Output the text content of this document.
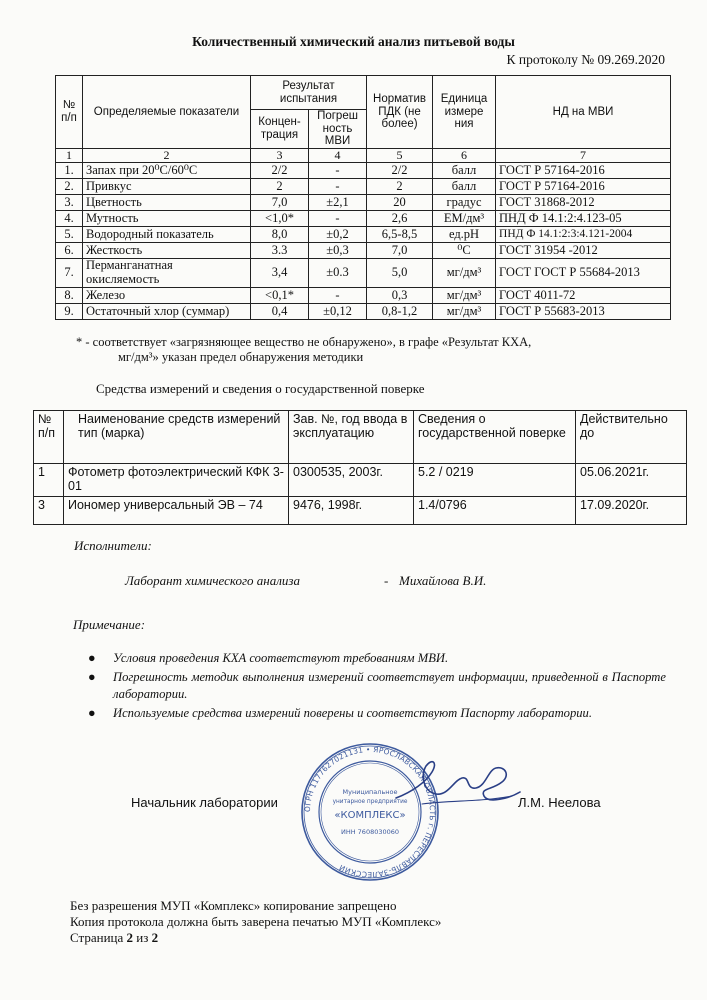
Количественный химический анализ питьевой воды
К протоколу № 09.269.2020
№ п/п	Определяемые показатели	Результат испытания		Норматив ПДК (не более)	Единица измере ния	НД на МВИ
		Концен-трация	Погреш ность МВИ			
1	2	3	4	5	6	7
1.	Запах при 20⁰С/60⁰С	2/2	-	2/2	балл	ГОСТ Р 57164-2016
2.	Привкус	2	-	2	балл	ГОСТ Р 57164-2016
3.	Цветность	7,0	±2,1	20	градус	ГОСТ 31868-2012
4.	Мутность	<1,0*	-	2,6	ЕМ/дм³	ПНД Ф 14.1:2:4.123-05
5.	Водородный показатель	8,0	±0,2	6,5-8,5	ед.pH	ПНД Ф 14.1:2:3:4.121-2004
6.	Жесткость	3.3	±0,3	7,0	⁰С	ГОСТ 31954 -2012
7.	Перманганатная окисляемость	3,4	±0.3	5,0	мг/дм³	ГОСТ ГОСТ Р 55684-2013
8.	Железо	<0,1*	-	0,3	мг/дм³	ГОСТ 4011-72
9.	Остаточный хлор (суммар)	0,4	±0,12	0,8-1,2	мг/дм³	ГОСТ Р 55683-2013
* - соответствует «загрязняющее вещество не обнаружено», в графе «Результат КХА,
мг/дм³» указан предел обнаружения методики
Средства измерений и сведения о государственной поверке
№ п/п	Наименование средств измерений тип (марка)	Зав. №, год ввода в эксплуатацию	Сведения о государственной поверке	Действительно до
1	Фотометр фотоэлектрический КФК 3-01	0300535, 2003г.	5.2 / 0219	05.06.2021г.
3	Иономер универсальный ЭВ – 74	9476, 1998г.	1.4/0796	17.09.2020г.
Исполнители:
Лаборант химического анализа	- Михайлова В.И.
Примечание:
● Условия проведения КХА соответствуют требованиям МВИ.
● Погрешность методик выполнения измерений соответствует информации, приведенной в Паспорте лаборатории.
● Используемые средства измерений поверены и соответствуют Паспорту лаборатории.
ОГРН 1177627021131 • ЯРОСЛАВСКАЯ ОБЛАСТЬ г. ПЕРЕСЛАВЛЬ-ЗАЛЕССКИЙ
Муниципальное
унитарное предприятие
«КОМПЛЕКС»
ИНН 7608030060
Начальник лаборатории	Л.М. Неелова
Без разрешения МУП «Комплекс» копирование запрещено
Копия протокола должна быть заверена печатью МУП «Комплекс»
Страница 2 из 2
